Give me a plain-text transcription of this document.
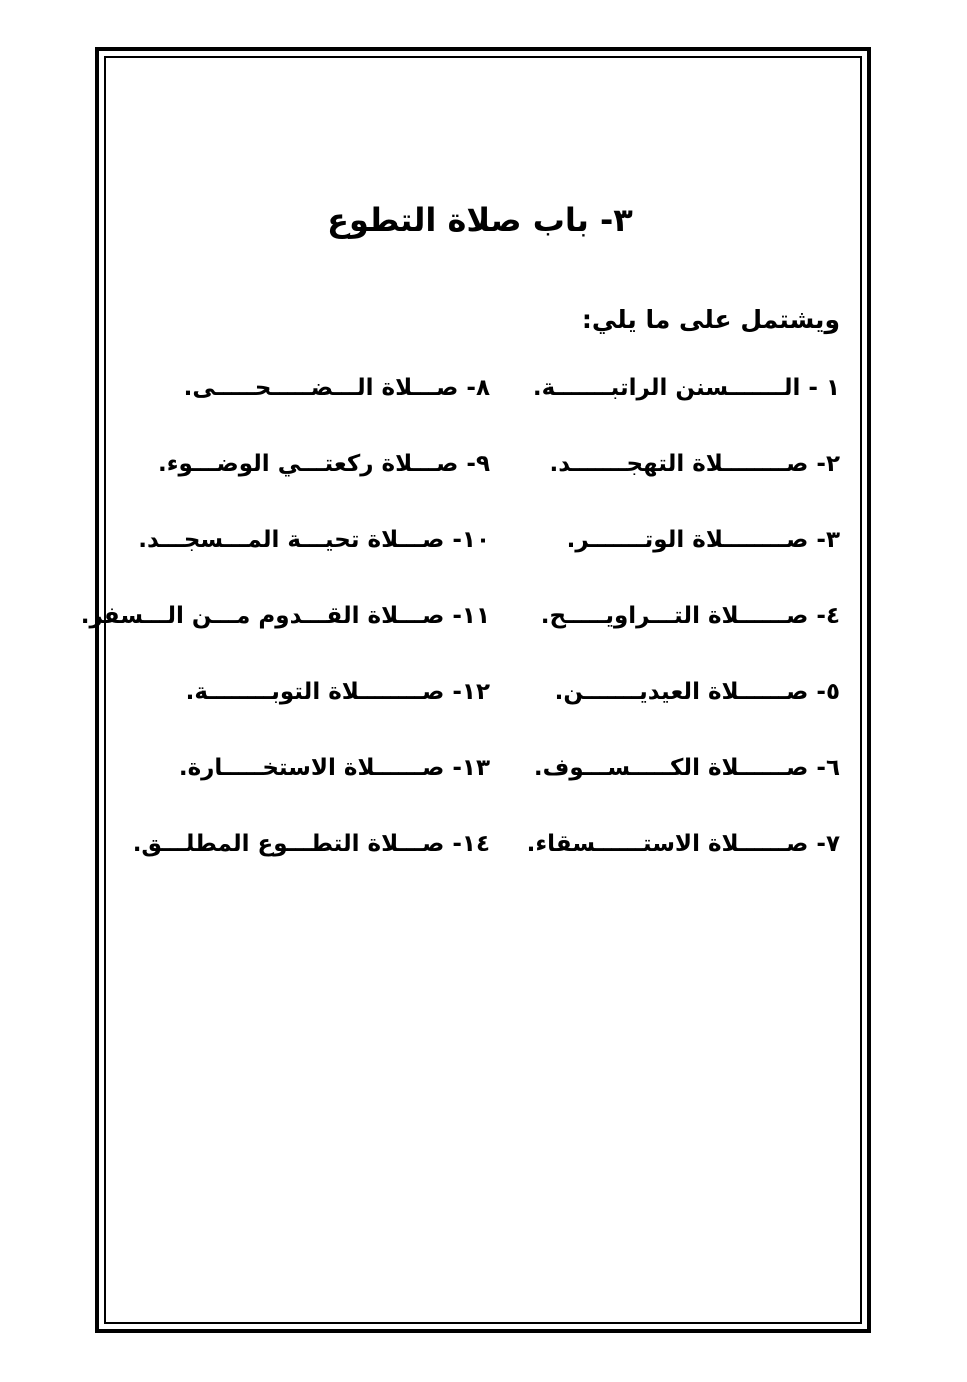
٣- باب صلاة التطوع
ويشتمل على ما يلي:
١ - الـــــــسنن الراتبـــــــة.
٨- صـــلاة الـــضـــــحـــــى.
٢- صــــــــلاة التهجـــــــد.
٩- صـــلاة ركعتـــي الوضـــوء.
٣- صــــــــلاة الوتـــــــر.
١٠- صـــلاة تحيـــة المـــسجـــد.
٤- صــــــلاة التـــراويـــــح.
١١- صـــلاة القـــدوم مـــن الـــسفر.
٥- صــــــلاة العيديـــــــن.
١٢- صــــــــلاة التوبــــــــة.
٦- صــــــلاة الكـــــســـوف.
١٣- صــــــلاة الاستخـــــارة.
٧- صــــــلاة الاستــــــسقاء.
١٤- صـــلاة التطـــوع المطلـــق.
